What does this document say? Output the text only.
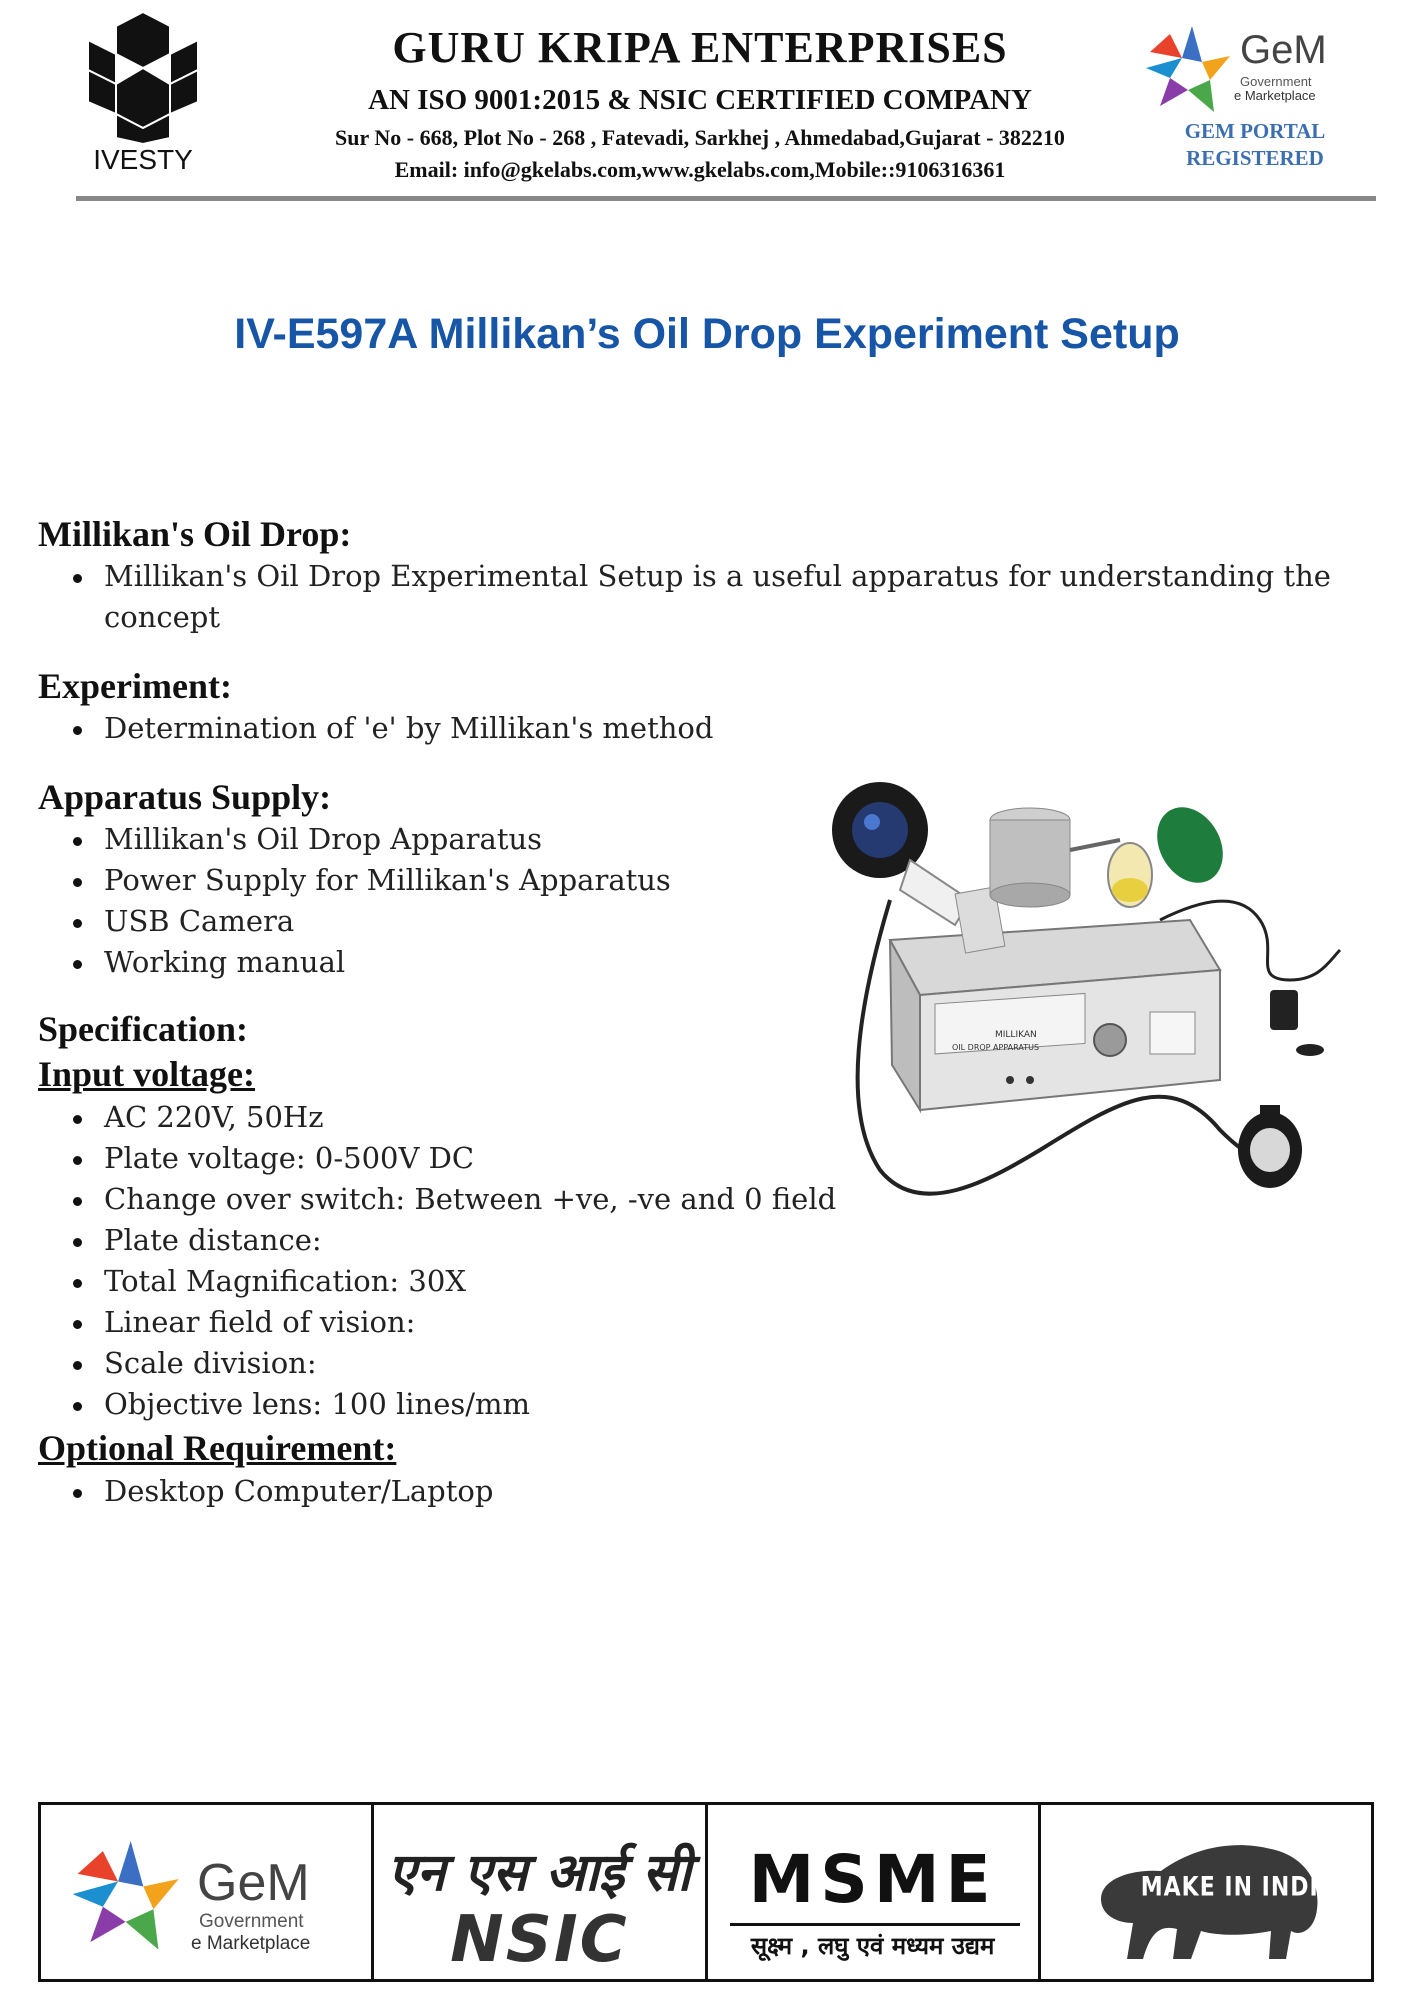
IVESTY
GURU KRIPA ENTERPRISES
AN ISO 9001:2015 & NSIC CERTIFIED COMPANY
Sur No - 668, Plot No - 268 , Fatevadi, Sarkhej , Ahmedabad,Gujarat - 382210
Email: info@gkelabs.com,www.gkelabs.com,Mobile::9106316361
GeM
Government
e Marketplace
GEM PORTAL
REGISTERED
IV-E597A Millikan’s Oil Drop Experiment Setup
Millikan's Oil Drop:
Millikan's Oil Drop Experimental Setup is a useful apparatus for understanding the concept
Experiment:
Determination of 'e' by Millikan's method
Apparatus Supply:
Millikan's Oil Drop Apparatus
Power Supply for Millikan's Apparatus
USB Camera
Working manual
Specification:
Input voltage:
AC 220V, 50Hz
Plate voltage: 0-500V DC
Change over switch: Between +ve, -ve and 0 field
Plate distance:
Total Magnification: 30X
Linear field of vision:
Scale division:
Objective lens: 100 lines/mm
Optional Requirement:
Desktop Computer/Laptop
MILLIKAN
OIL DROP APPARATUS
GeM
Government
e Marketplace
एन एस आई सी
NSIC
MSME
सूक्ष्म , लघु एवं मध्यम उद्यम
MAKE IN INDIA
